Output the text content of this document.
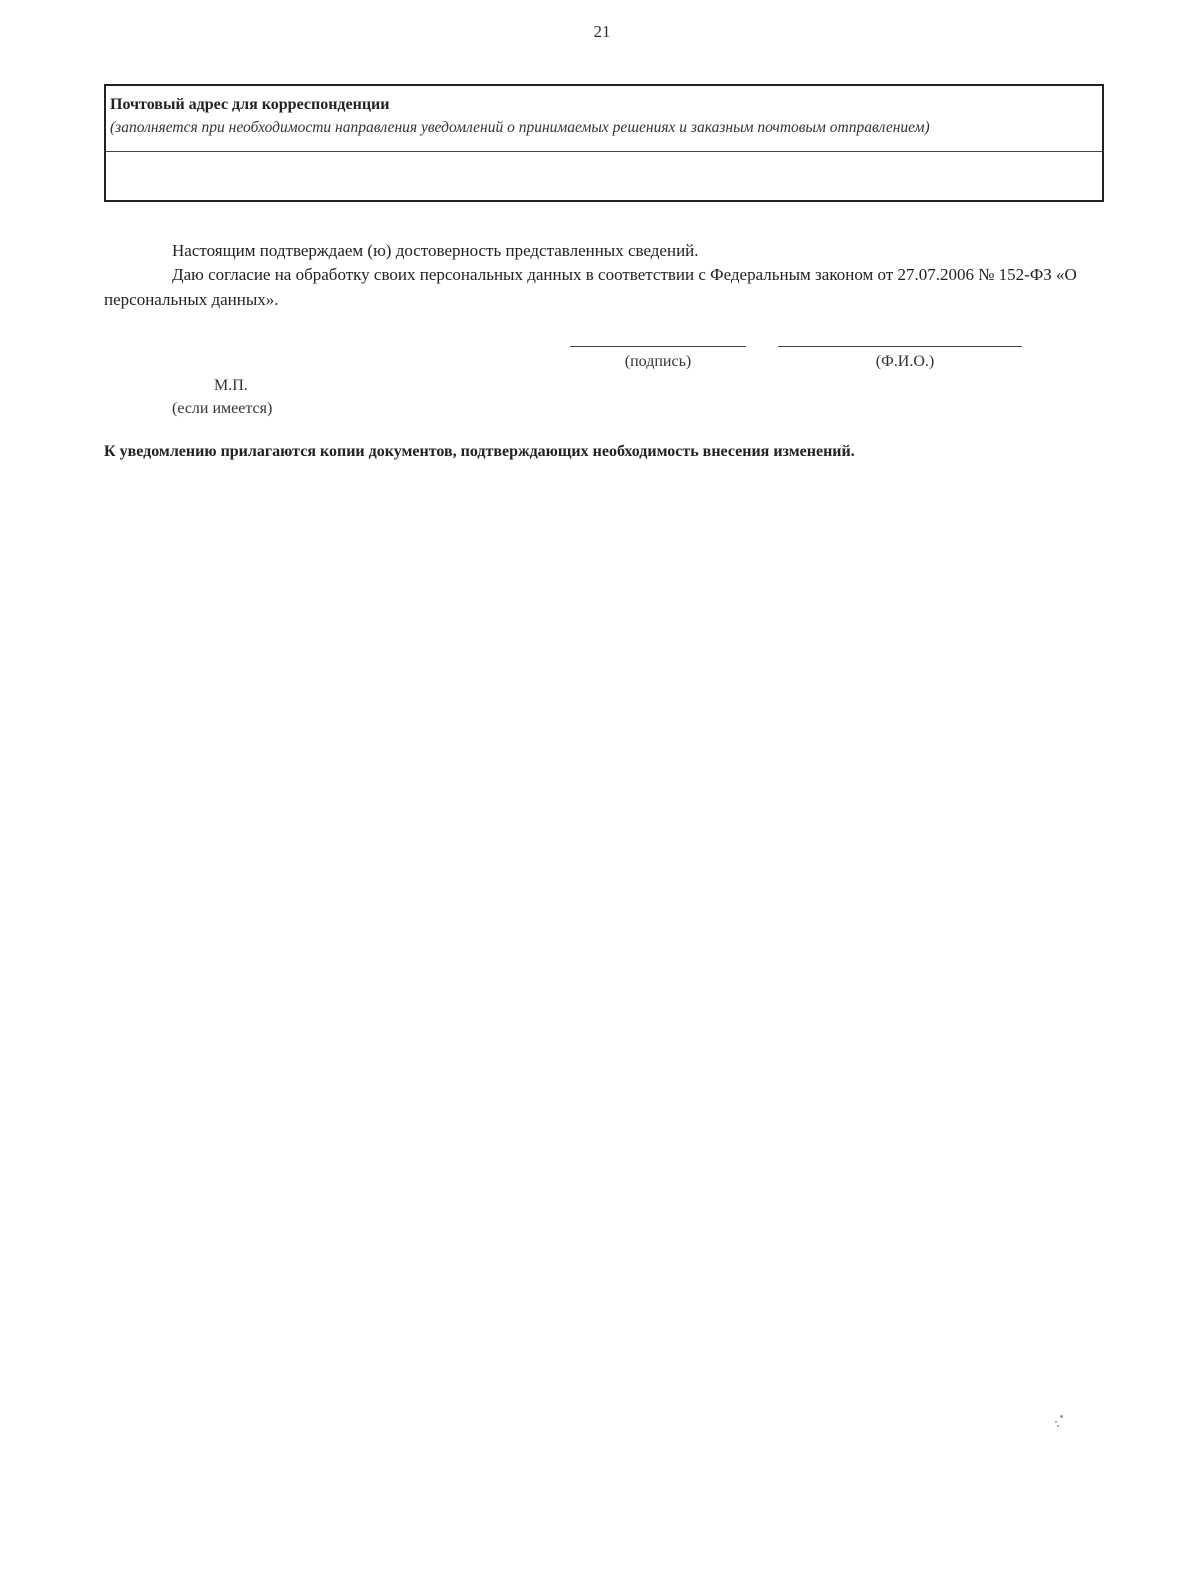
21
Почтовый адрес для корреспонденции
(заполняется при необходимости направления уведомлений о принимаемых решениях и заказным почтовым отправлением)
Настоящим подтверждаем (ю) достоверность представленных сведений.
Даю согласие на обработку своих персональных данных в соответствии с Федеральным законом от 27.07.2006 № 152-ФЗ «О персональных данных».
(подпись)	(Ф.И.О.)
М.П.
(если имеется)
К уведомлению прилагаются копии документов, подтверждающих необходимость внесения изменений.
